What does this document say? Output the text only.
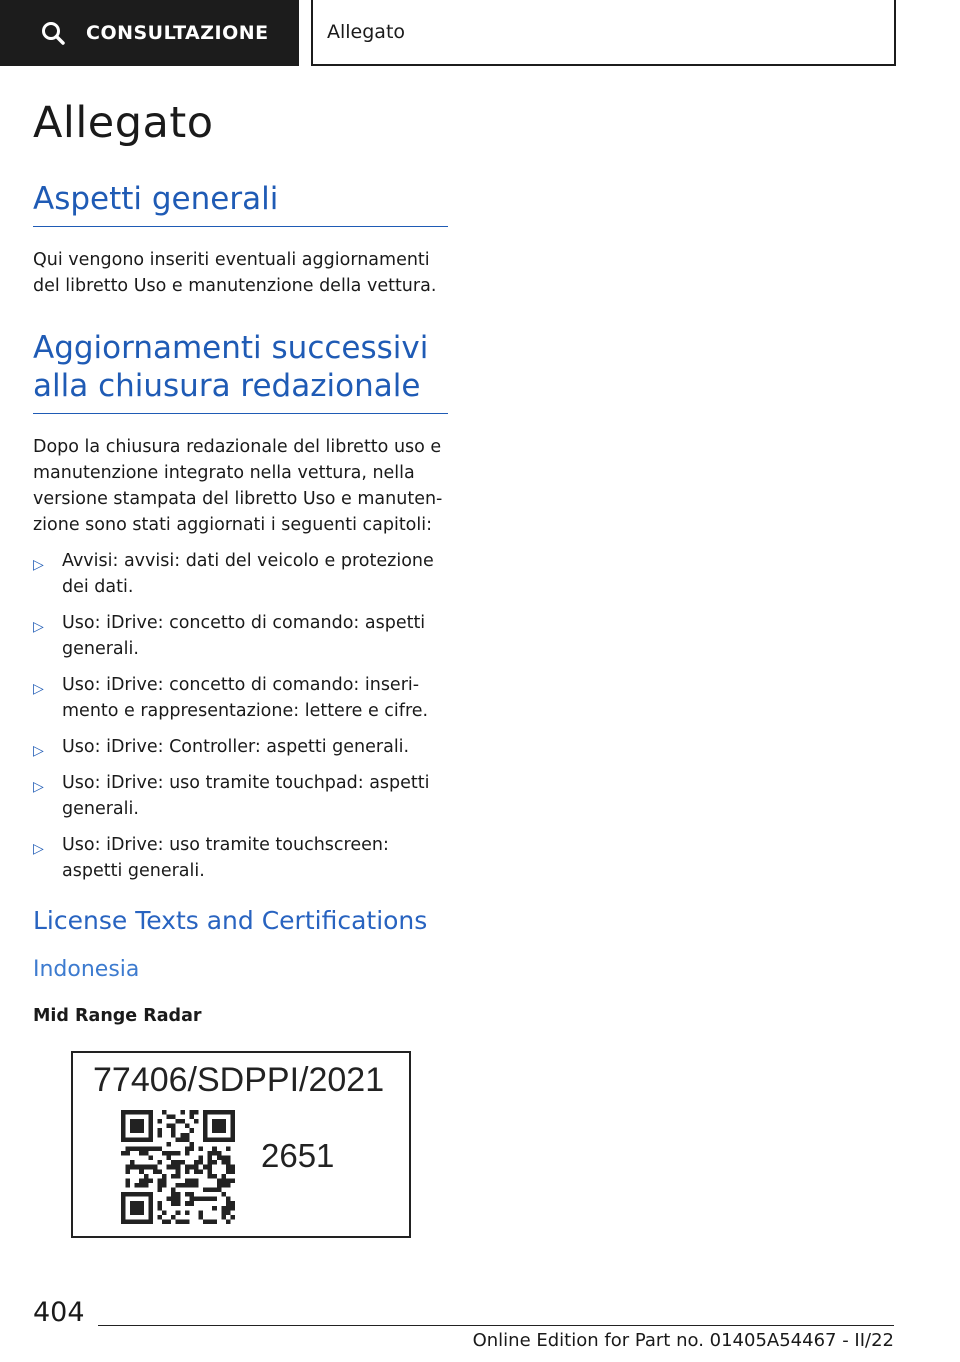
CONSULTAZIONE	Allegato
Allegato
Aspetti generali

Qui vengono inseriti eventuali aggiornamenti del libretto Uso e manutenzione della vettura.

Aggiornamenti successivi
alla chiusura redazionale

Dopo la chiusura redazionale del libretto uso e manutenzione integrato nella vettura, nella versione stampata del libretto Uso e manuten-zione sono stati aggiornati i seguenti capitoli:

▷ Avvisi: avvisi: dati del veicolo e protezione dei dati.
▷ Uso: iDrive: concetto di comando: aspetti generali.
▷ Uso: iDrive: concetto di comando: inseri-mento e rappresentazione: lettere e cifre.
▷ Uso: iDrive: Controller: aspetti generali.
▷ Uso: iDrive: uso tramite touchpad: aspetti generali.
▷ Uso: iDrive: uso tramite touchscreen: aspetti generali.
License Texts and Certifications
Indonesia
Mid Range Radar
77406/SDPPI/2021
2651
404
Online Edition for Part no. 01405A54467 - II/22
